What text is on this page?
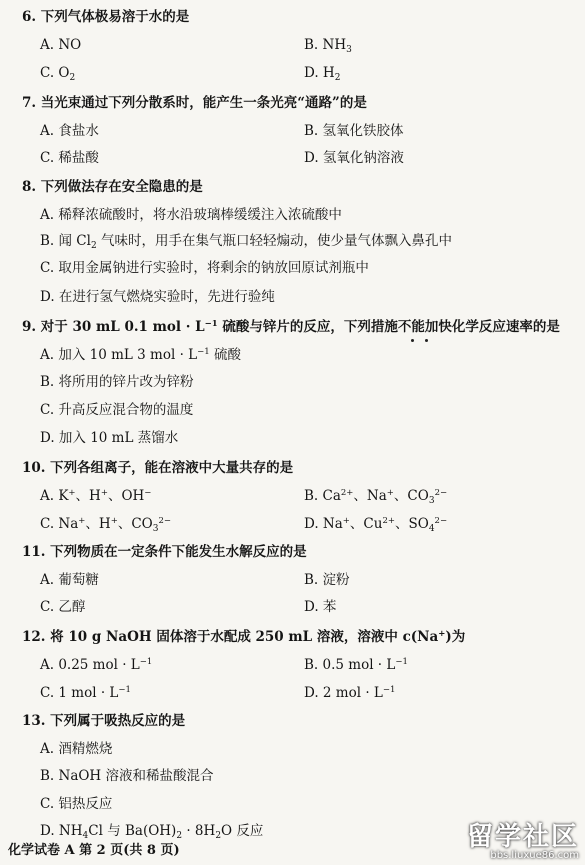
6. 下列气体极易溶于水的是
A. NO	B. $NH_3$
C. $O_2$	D. $H_2$
7. 当光束通过下列分散系时，能产生一条光亮“通路”的是
A. 食盐水	B. 氢氧化铁胶体
C. 稀盐酸	D. 氢氧化钠溶液
8. 下列做法存在安全隐患的是
A. 稀释浓硫酸时，将水沿玻璃棒缓缓注入浓硫酸中
B. 闻 $Cl_2$ 气味时，用手在集气瓶口轻轻煽动，使少量气体飘入鼻孔中
C. 取用金属钠进行实验时，将剩余的钠放回原试剂瓶中
D. 在进行氢气燃烧实验时，先进行验纯
9. 对于 30 mL 0.1 mol · $L^{-1}$ 硫酸与锌片的反应，下列措施不能加快化学反应速率的是
A. 加入 10 mL 3 mol · $L^{-1}$ 硫酸
B. 将所用的锌片改为锌粉
C. 升高反应混合物的温度
D. 加入 10 mL 蒸馏水
10. 下列各组离子，能在溶液中大量共存的是
A. K+、H+、OH−	B. $Ca^{2+}$、Na+、$CO_3^{2-}$
C. Na+、H+、$CO_3^{2-}$	D. Na+、$Cu^{2+}$、$SO_4^{2-}$
11. 下列物质在一定条件下能发生水解反应的是
A. 葡萄糖	B. 淀粉
C. 乙醇	D. 苯
12. 将 10 g NaOH 固体溶于水配成 250 mL 溶液，溶液中 c(Na+)为
A. 0.25 mol · $L^{-1}$	B. 0.5 mol · $L^{-1}$
C. 1 mol · $L^{-1}$	D. 2 mol · $L^{-1}$
13. 下列属于吸热反应的是
A. 酒精燃烧
B. NaOH 溶液和稀盐酸混合
C. 铝热反应
D. $NH_4Cl$ 与 $Ba(OH)_2 \cdot 8H_2O$ 反应
化学试卷 A 第 2 页(共 8 页)	留学社区
bbs.liuxue86.com
